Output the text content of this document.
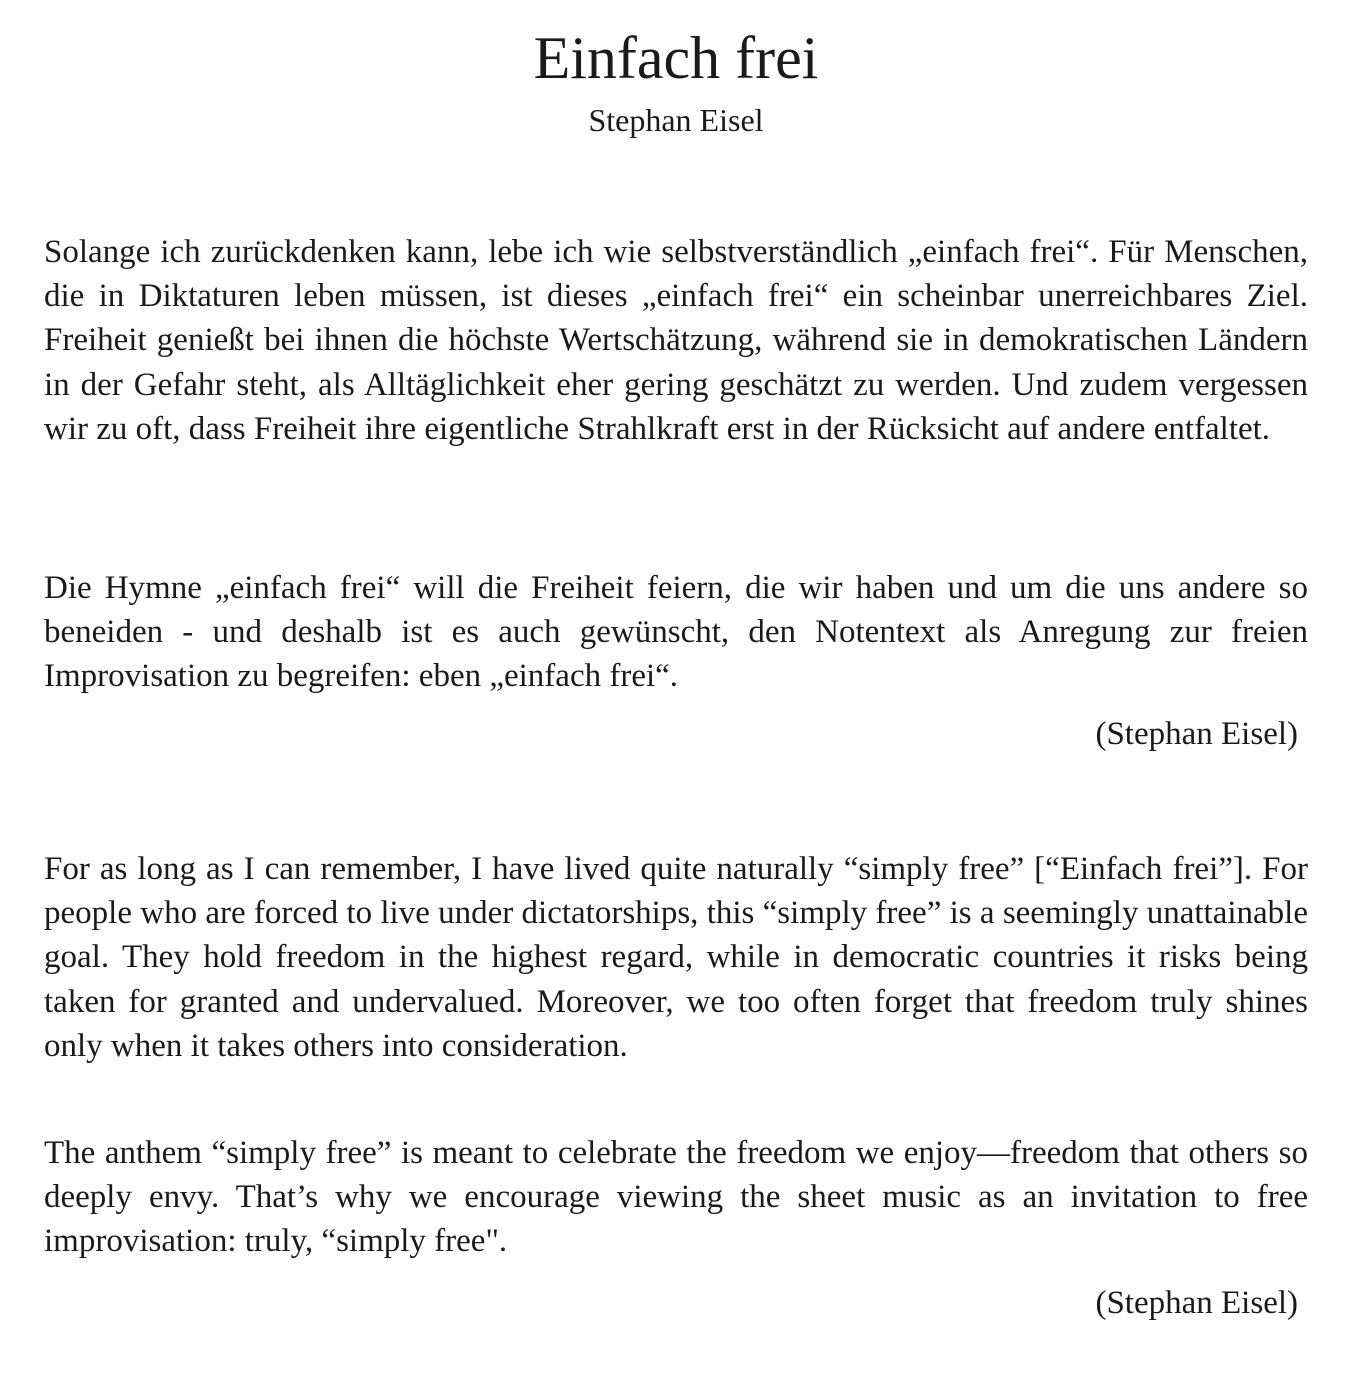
Einfach frei

Stephan Eisel

Solange ich zurückdenken kann, lebe ich wie selbstverständlich „einfach frei“. Für Menschen, die in Diktaturen leben müssen, ist dieses „einfach frei“ ein scheinbar unerreichbares Ziel. Freiheit genießt bei ihnen die höchste Wertschätzung, während sie in demokratischen Ländern in der Gefahr steht, als Alltäglichkeit eher gering geschätzt zu werden. Und zudem vergessen wir zu oft, dass Freiheit ihre eigentliche Strahlkraft erst in der Rücksicht auf andere entfaltet.

Die Hymne „einfach frei“ will die Freiheit feiern, die wir haben und um die uns andere so beneiden - und deshalb ist es auch gewünscht, den Notentext als Anregung zur freien Improvisation zu begreifen: eben „einfach frei“.

(Stephan Eisel)

For as long as I can remember, I have lived quite naturally “simply free” [“Einfach frei”]. For people who are forced to live under dictatorships, this “simply free” is a seemingly unattainable goal. They hold freedom in the highest regard, while in democratic countries it risks being taken for granted and undervalued. Moreover, we too often forget that freedom truly shines only when it takes others into consideration.

The anthem “simply free” is meant to celebrate the freedom we enjoy—freedom that others so deeply envy. That’s why we encourage viewing the sheet music as an invitation to free improvisation: truly, “simply free".

(Stephan Eisel)
